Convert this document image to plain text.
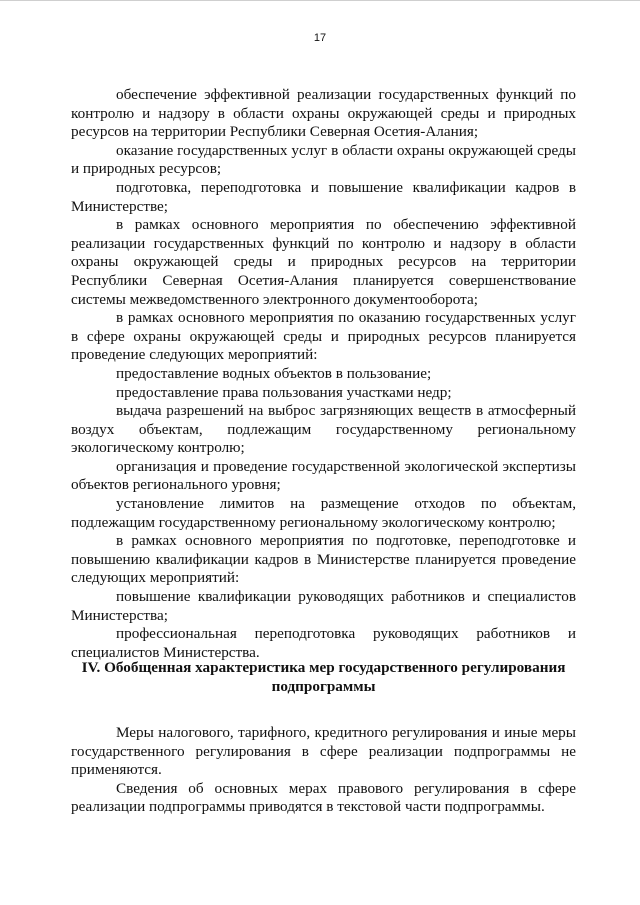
17

обеспечение эффективной реализации государственных функций по контролю и надзору в области охраны окружающей среды и природных ресурсов на территории Республики Северная Осетия-Алания;

оказание государственных услуг в области охраны окружающей среды и природных ресурсов;

подготовка, переподготовка и повышение квалификации кадров в Министерстве;

в рамках основного мероприятия по обеспечению эффективной реализации государственных функций по контролю и надзору в области охраны окружающей среды и природных ресурсов на территории Республики Северная Осетия-Алания планируется совершенствование системы межведомственного электронного документооборота;

в рамках основного мероприятия по оказанию государственных услуг в сфере охраны окружающей среды и природных ресурсов планируется проведение следующих мероприятий:

предоставление водных объектов в пользование;

предоставление права пользования участками недр;

выдача разрешений на выброс загрязняющих веществ в атмосферный воздух объектам, подлежащим государственному региональному экологическому контролю;

организация и проведение государственной экологической экспертизы объектов регионального уровня;

установление лимитов на размещение отходов по объектам, подлежащим государственному региональному экологическому контролю;

в рамках основного мероприятия по подготовке, переподготовке и повышению квалификации кадров в Министерстве планируется проведение следующих мероприятий:

повышение квалификации руководящих работников и специалистов Министерства;

профессиональная переподготовка руководящих работников и специалистов Министерства.

IV. Обобщенная характеристика мер государственного регулирования подпрограммы

Меры налогового, тарифного, кредитного регулирования и иные меры государственного регулирования в сфере реализации подпрограммы не применяются.

Сведения об основных мерах правового регулирования в сфере реализации подпрограммы приводятся в текстовой части подпрограммы.
